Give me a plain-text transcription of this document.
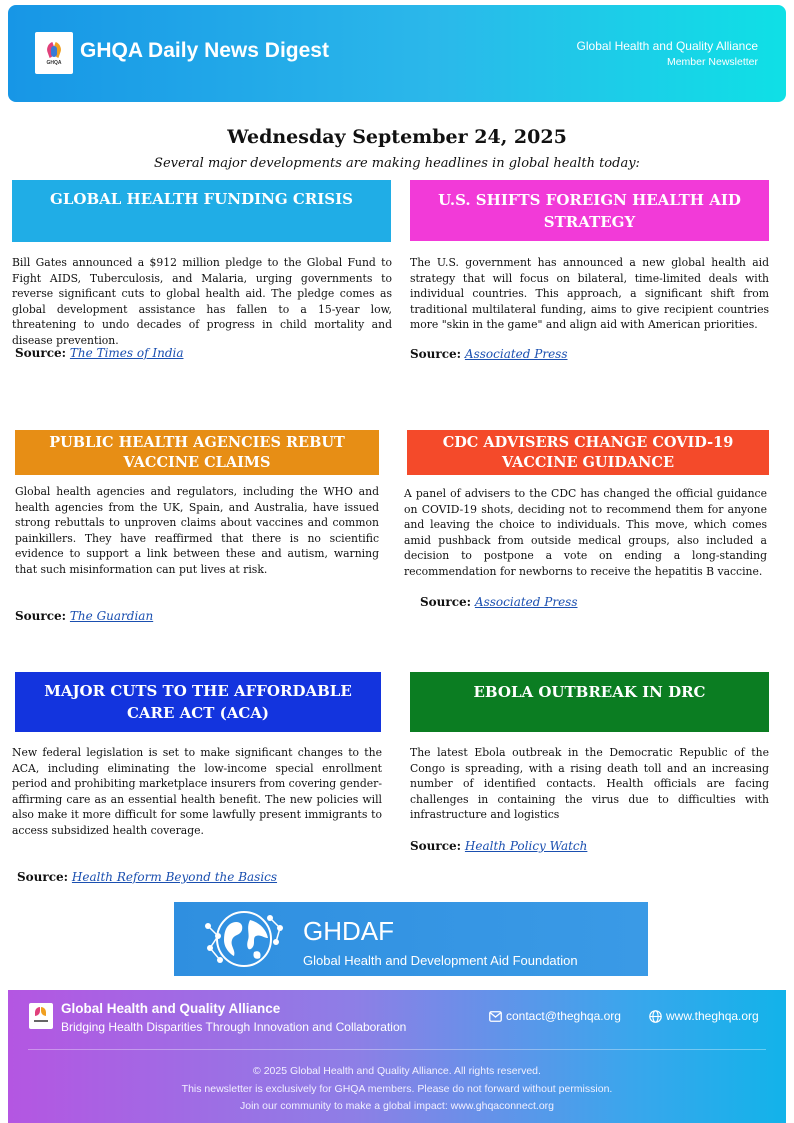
GHQA
GHQA Daily News Digest	Global Health and Quality Alliance
Member Newsletter
Wednesday September 24, 2025
Several major developments are making headlines in global health today:
GLOBAL HEALTH FUNDING CRISIS
Bill Gates announced a $912 million pledge to the Global Fund to Fight AIDS, Tuberculosis, and Malaria, urging governments to reverse significant cuts to global health aid. The pledge comes as global development assistance has fallen to a 15-year low, threatening to undo decades of progress in child mortality and disease prevention.
Source: The Times of India
U.S. SHIFTS FOREIGN HEALTH AID STRATEGY
The U.S. government has announced a new global health aid strategy that will focus on bilateral, time-limited deals with individual countries. This approach, a significant shift from traditional multilateral funding, aims to give recipient countries more "skin in the game" and align aid with American priorities.
Source: Associated Press
PUBLIC HEALTH AGENCIES REBUT VACCINE CLAIMS
Global health agencies and regulators, including the WHO and health agencies from the UK, Spain, and Australia, have issued strong rebuttals to unproven claims about vaccines and common painkillers. They have reaffirmed that there is no scientific evidence to support a link between these and autism, warning that such misinformation can put lives at risk.
Source: The Guardian
CDC ADVISERS CHANGE COVID-19 VACCINE GUIDANCE
A panel of advisers to the CDC has changed the official guidance on COVID-19 shots, deciding not to recommend them for anyone and leaving the choice to individuals. This move, which comes amid pushback from outside medical groups, also included a decision to postpone a vote on ending a long-standing recommendation for newborns to receive the hepatitis B vaccine.
Source: Associated Press
MAJOR CUTS TO THE AFFORDABLE CARE ACT (ACA)
New federal legislation is set to make significant changes to the ACA, including eliminating the low-income special enrollment period and prohibiting marketplace insurers from covering gender-affirming care as an essential health benefit. The new policies will also make it more difficult for some lawfully present immigrants to access subsidized health coverage.
Source: Health Reform Beyond the Basics
EBOLA OUTBREAK IN DRC
The latest Ebola outbreak in the Democratic Republic of the Congo is spreading, with a rising death toll and an increasing number of identified contacts. Health officials are facing challenges in containing the virus due to difficulties with infrastructure and logistics
Source: Health Policy Watch
GHDAF
Global Health and Development Aid Foundation
Global Health and Quality Alliance
Bridging Health Disparities Through Innovation and Collaboration
contact@theghqa.org	www.theghqa.org
© 2025 Global Health and Quality Alliance. All rights reserved.
This newsletter is exclusively for GHQA members. Please do not forward without permission.
Join our community to make a global impact: www.ghqaconnect.org
